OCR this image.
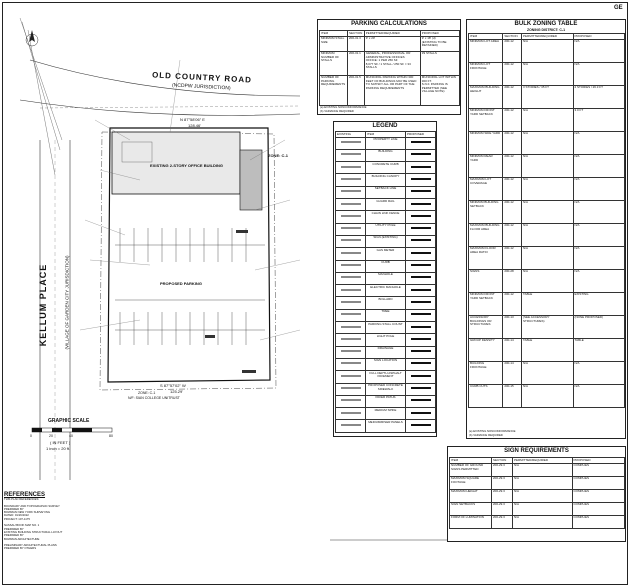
OLD COUNTRY ROAD
(NCDPW JURISDICTION)
KELLUM PLACE	(VILLAGE OF GARDEN CITY JURISDICTION)
N 87°58'06" E
128.46'
EXISTING 2-STORY OFFICE BUILDING
ZONE: C-1
PROPOSED PARKING
S 87°57'02" W
125.29'
ZONE: C-1
N/F: SIAN COLLEGE UNITRUST
GRAPHIC SCALE
0	20	40	80
( IN FEET )
1 inch = 20 ft.
REFERENCES
THIS PLAN REFERENCES:

BOUNDARY AND TOPOGRAPHIC SURVEY
PREPARED BY
BOWMAN NEW YORK SURVEYING
DATED: 01/26/2022
PROJECT: 107-1175

NASSAU BOOK MAP NO. 1
PREPARED BY
EXISTING BUILDING STRUCTURAL LAYOUT
PREPARED BY
BOWMAN ARCHITECTURE

PRELIMINARY ARCHITECTURAL PLANS
PREPARED BY OTHERS
PARKING CALCULATIONS
ITEM	SECTION	PERMITTED/REQUIRED	PROPOSED
MINIMUM STALL SIZE	200-31.3	9' x 20'	9' x 18' (d)
(EXISTING TO BE RETAINED)
MINIMUM NUMBER OF STALLS	200-31.1	GENERAL, PROFESSIONAL OR ADMINISTRATIVE OFFICES
OFFICE: 1 PER 250 SF
8,077 SF / 1 STALL / 250 SF = 33 STALLS	39 STALLS
NUMBER OF PARKING REQUIREMENTS	200-31.5	MUNICIPAL PARKING WITHIN 300 FEET OF BUILDINGS MAY BE USED TO SATISFY ALL OR PART OF THE PARKING REQUIREMENTS	MUNICIPAL LOT WITHIN 300 FT.
S.N.F. PARKING IS PERMITTED (SEE VILLAGE NOTE)
(a) EXISTING NONCONFORMANCE
(b) VARIANCE REQUIRED
LEGEND
EXISTING	ITEM	PROPOSED

	PROPERTY LINE	

	BUILDING	

	CONCRETE CURB	

	BUILDING CANOPY	

	SETBACK LINE	

	GUARD RAIL	

	CHAIN LINK FENCE	

	UTILITY POLE	

	SIGN (EXISTING)	

	GAS METER	

	CURB	

	MANHOLE	

	ELECTRIC MANHOLE	

	BOLLARD	

	TREE	

	PARKING STALL COUNT	

	LIGHT POLE	

	DRAINAGE	

	SIGN LOCATION	

	FULL DEPTH ASPHALT PAVEMENT	

	PROPOSED CONCRETE SIDEWALK	

	PAVER PATHS	

	MEDIUM SPIKE	

	MEDIUM/RISER PANELS	
BULK ZONING TABLE
ZONING DISTRICT: C-1
ITEM	SECTION	PERMITTED/REQUIRED	PROPOSED
MINIMUM LOT AREA	200-12	N/A	N/A
MINIMUM LOT FRONTAGE	200-12	N/A	N/A
MAXIMUM BUILDING HEIGHT	200-12	3 STORIES / 35 FT	2 STORIES / 26.3 FT
MINIMUM FRONT YARD SETBACK	200-12	N/A	3.0 FT
MINIMUM SIDE YARD	200-12	N/A	N/A
MINIMUM REAR YARD	200-12	N/A	N/A
MAXIMUM LOT COVERAGE	200-12	N/A	N/A
MINIMUM BUILDING SETBACK	200-12	N/A	N/A
MAXIMUM BUILDING FLOOR AREA	200-12	N/A	N/A
MAXIMUM FLOOR AREA RATIO	200-12	N/A	N/A
SIGNS	200-28	N/A	N/A
MINIMUM FRONT YARD SETBACK	200-12	TABLE	EXISTING
ACCESSORY BUILDINGS OR STRUCTURES	200-13	(SEE ACCESSORY STRUCTURES)	(NONE PROPOSED)
GROUP DENSITY	200-14	TABLE	TABLE
BUILDING FRONTAGE	200-14	N/A	N/A
CURB CUTS	200-15	N/A	N/A
(a) EXISTING NONCONFORMANCE
(b) VARIANCE REQUIRED
SIGN REQUIREMENTS
ITEM	SECTION	PERMITTED/REQUIRED	PROPOSED
NUMBER OF GROUND SIGNS PERMITTED	200-29.3	N/A	COMPLIES
MAXIMUM SQUARE FOOTAGE	200-29.3	N/A	COMPLIES
MAXIMUM HEIGHT	200-29.3	N/A	COMPLIES
SIGN SETBACKS	200-29.3	N/A	COMPLIES
FORM OF LUMINATION	200-29.3	N/A	COMPLIES
GE
